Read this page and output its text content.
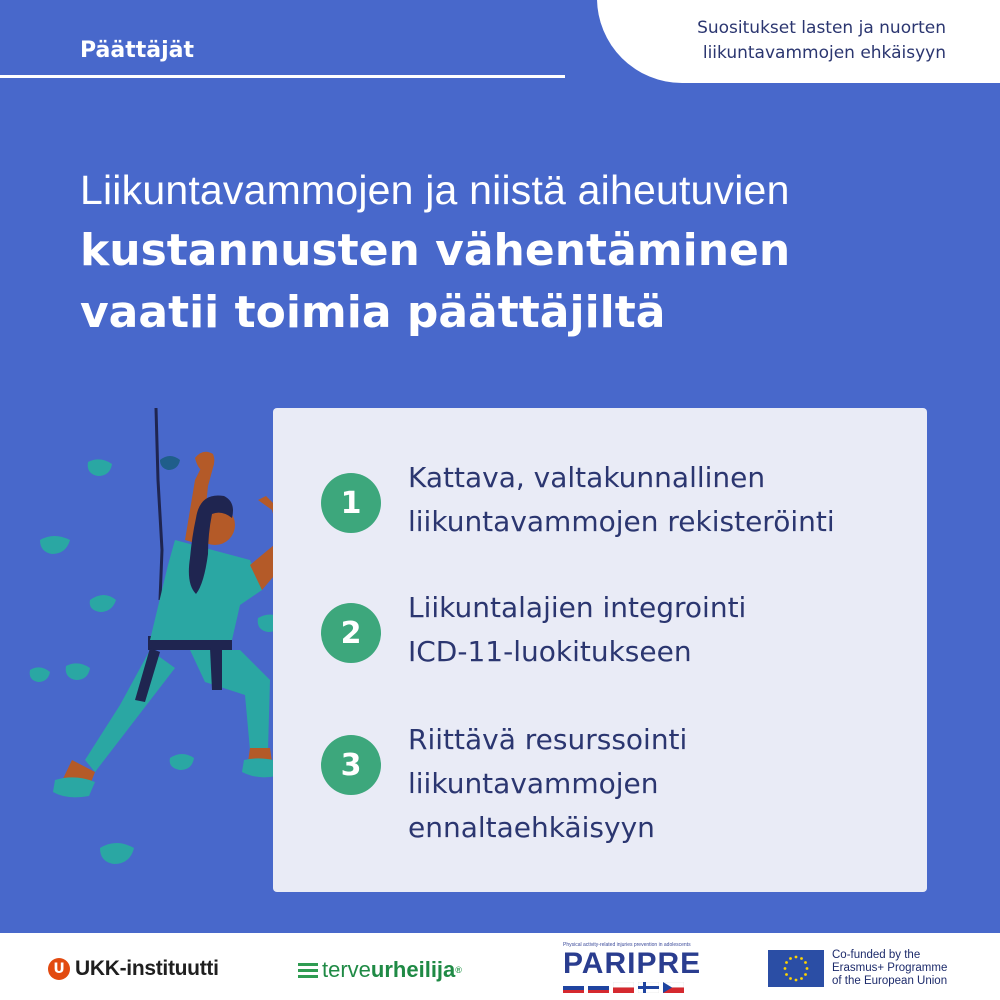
Päättäjät
Suositukset lasten ja nuorten
liikuntavammojen ehkäisyyn
Liikuntavammojen ja niistä aiheutuvien
kustannusten vähentäminen
vaatii toimia päättäjiltä
1
Kattava, valtakunnallinen
liikuntavammojen rekisteröinti
2
Liikuntalajien integrointi
ICD-11-luokitukseen
3
Riittävä resurssointi
liikuntavammojen
ennaltaehkäisyyn
U UKK-instituutti	terve urheilija ®
Physical activity-related injuries prevention in adolescents
PARIPRE	Co-funded by the
Erasmus+ Programme
of the European Union
